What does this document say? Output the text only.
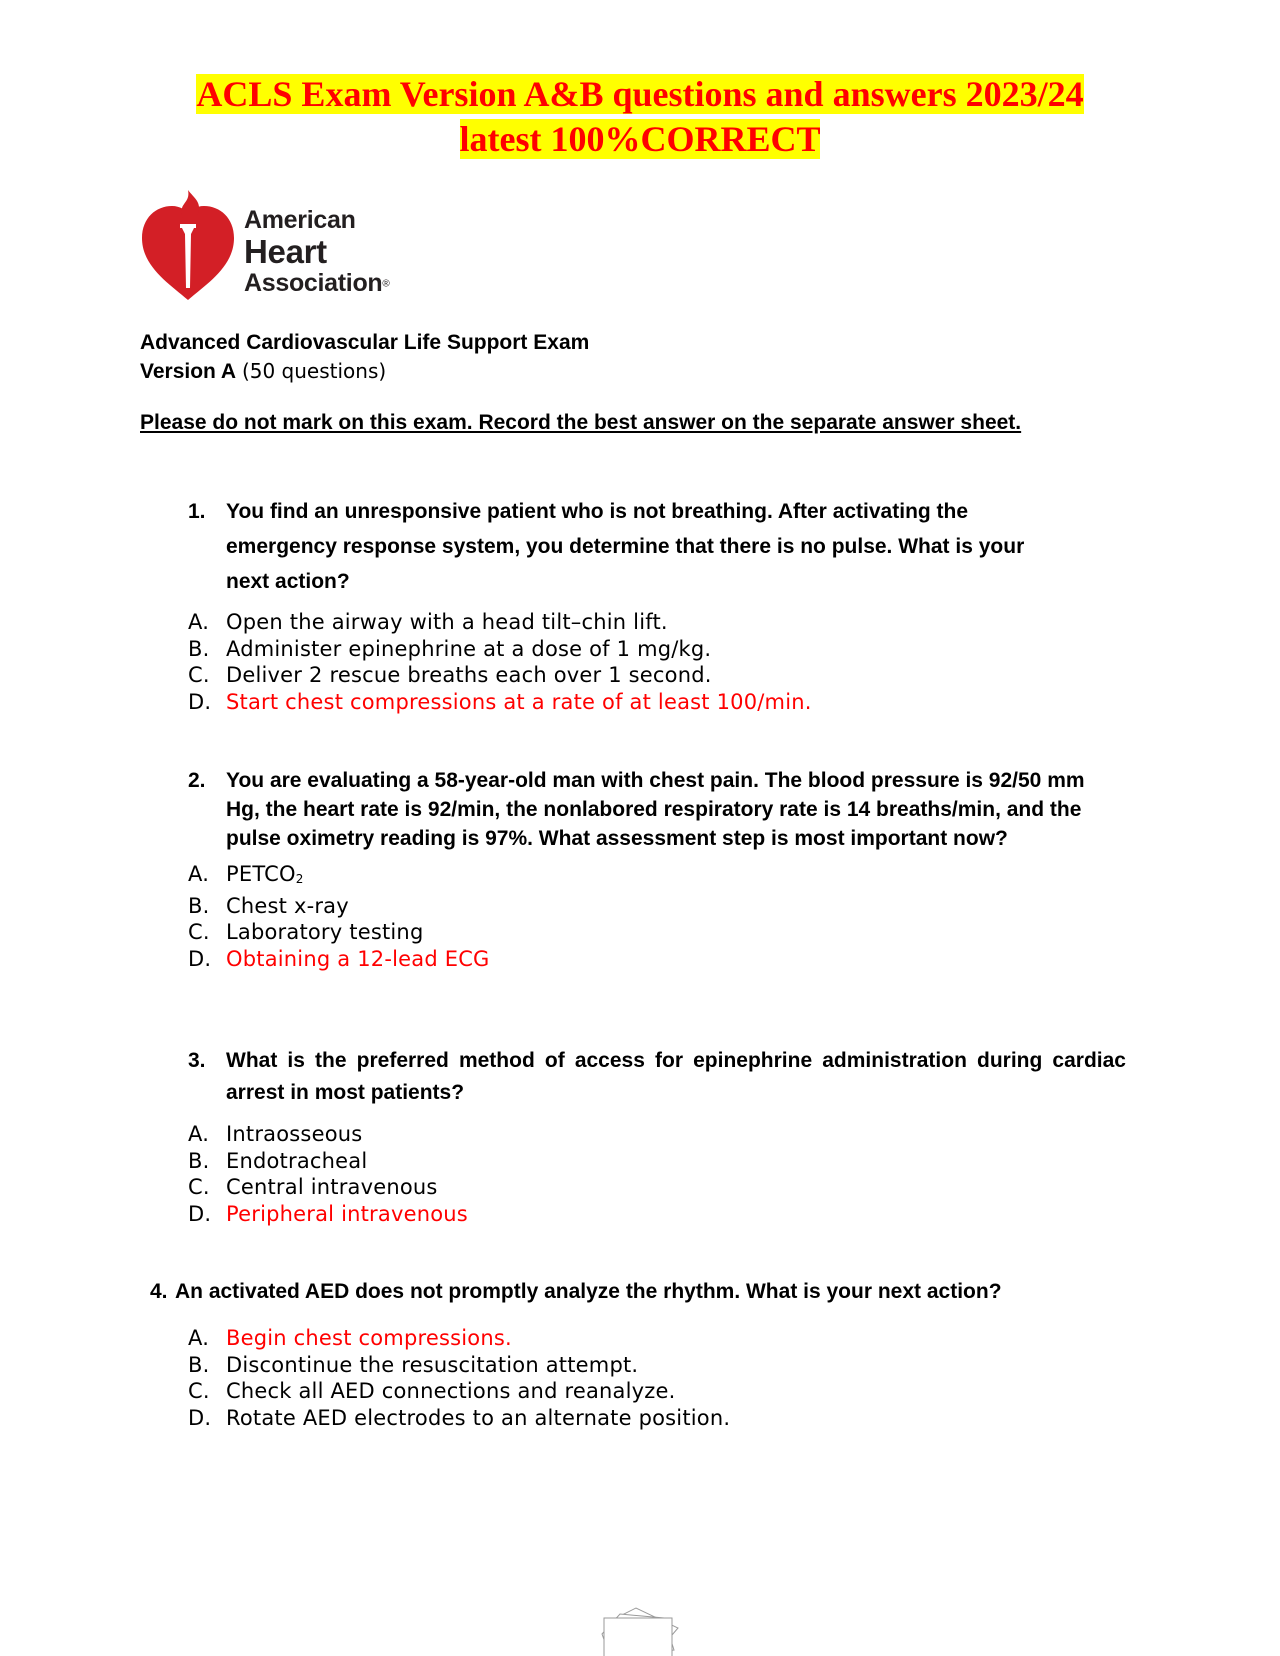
ACLS Exam Version A&B questions and answers 2023/24
latest 100%CORRECT
American
Heart
Association®
Advanced Cardiovascular Life Support Exam
Version A (50 questions)
Please do not mark on this exam. Record the best answer on the separate answer sheet.
1. You find an unresponsive patient who is not breathing. After activating the emergency response system, you determine that there is no pulse. What is your next action?
A. Open the airway with a head tilt–chin lift.
B. Administer epinephrine at a dose of 1 mg/kg.
C. Deliver 2 rescue breaths each over 1 second.
D. Start chest compressions at a rate of at least 100/min.
2. You are evaluating a 58-year-old man with chest pain. The blood pressure is 92/50 mm Hg, the heart rate is 92/min, the nonlabored respiratory rate is 14 breaths/min, and the pulse oximetry reading is 97%. What assessment step is most important now?
A. PETCO2
B. Chest x-ray
C. Laboratory testing
D. Obtaining a 12-lead ECG
3. What is the preferred method of access for epinephrine administration during cardiac arrest in most patients?
A. Intraosseous
B. Endotracheal
C. Central intravenous
D. Peripheral intravenous
4. An activated AED does not promptly analyze the rhythm. What is your next action?
A. Begin chest compressions.
B. Discontinue the resuscitation attempt.
C. Check all AED connections and reanalyze.
D. Rotate AED electrodes to an alternate position.
